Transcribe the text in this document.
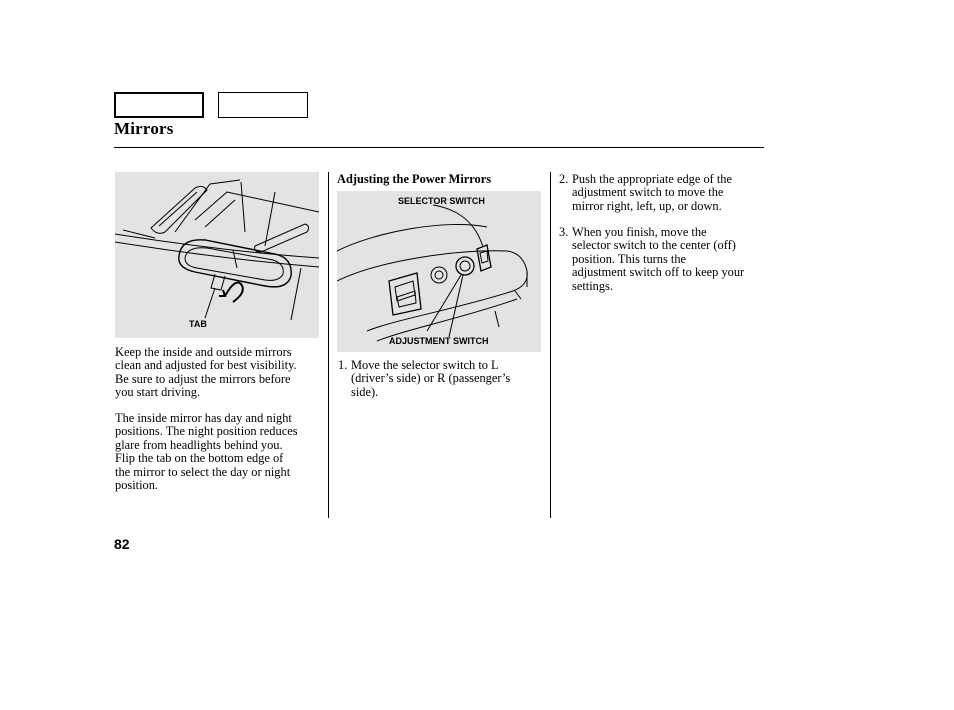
Mirrors
TAB

Keep the inside and outside mirrors

clean and adjusted for best visibility.

Be sure to adjust the mirrors before

you start driving.

The inside mirror has day and night

positions. The night position reduces

glare from headlights behind you.

Flip the tab on the bottom edge of

the mirror to select the day or night

position.

Adjusting the Power Mirrors
SELECTOR SWITCH
ADJUSTMENT SWITCH
1. Move the selector switch to L

(driver’s side) or R (passenger’s

side).

2. Push the appropriate edge of the

adjustment switch to move the

mirror right, left, up, or down.

3. When you finish, move the

selector switch to the center (off)

position. This turns the

adjustment switch off to keep your

settings.

82
